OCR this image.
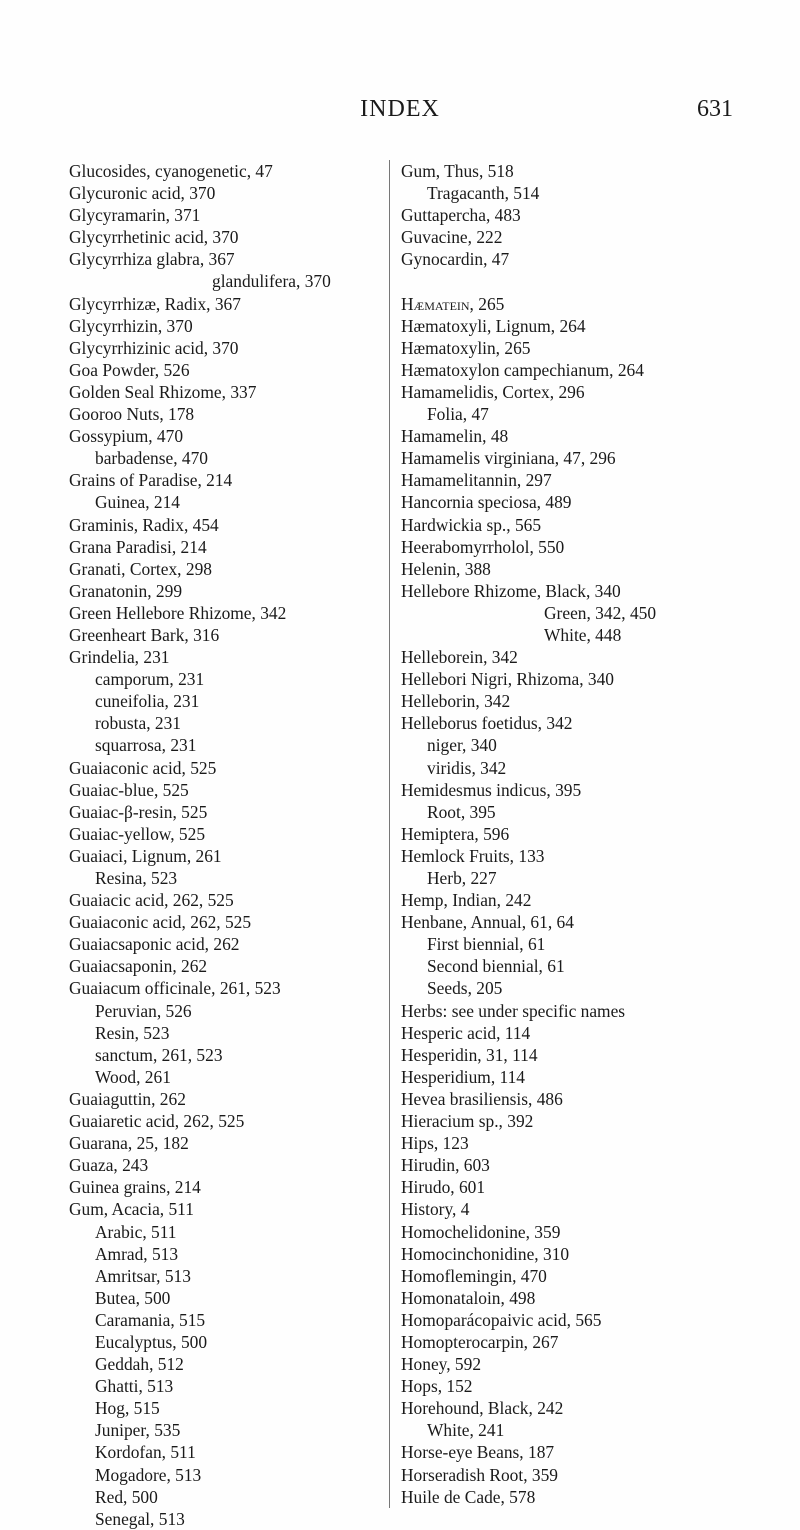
INDEX	631
Glucosides, cyanogenetic, 47
Glycuronic acid, 370
Glycyramarin, 371
Glycyrrhetinic acid, 370
Glycyrrhiza glabra, 367
glandulifera, 370
Glycyrrhizæ, Radix, 367
Glycyrrhizin, 370
Glycyrrhizinic acid, 370
Goa Powder, 526
Golden Seal Rhizome, 337
Gooroo Nuts, 178
Gossypium, 470
barbadense, 470
Grains of Paradise, 214
Guinea, 214
Graminis, Radix, 454
Grana Paradisi, 214
Granati, Cortex, 298
Granatonin, 299
Green Hellebore Rhizome, 342
Greenheart Bark, 316
Grindelia, 231
camporum, 231
cuneifolia, 231
robusta, 231
squarrosa, 231
Guaiaconic acid, 525
Guaiac-blue, 525
Guaiac-β-resin, 525
Guaiac-yellow, 525
Guaiaci, Lignum, 261
Resina, 523
Guaiacic acid, 262, 525
Guaiaconic acid, 262, 525
Guaiacsaponic acid, 262
Guaiacsaponin, 262
Guaiacum officinale, 261, 523
Peruvian, 526
Resin, 523
sanctum, 261, 523
Wood, 261
Guaiaguttin, 262
Guaiaretic acid, 262, 525
Guarana, 25, 182
Guaza, 243
Guinea grains, 214
Gum, Acacia, 511
Arabic, 511
Amrad, 513
Amritsar, 513
Butea, 500
Caramania, 515
Eucalyptus, 500
Geddah, 512
Ghatti, 513
Hog, 515
Juniper, 535
Kordofan, 511
Mogadore, 513
Red, 500
Senegal, 513
Gum, Thus, 518
Tragacanth, 514
Guttapercha, 483
Guvacine, 222
Gynocardin, 47
Hæmatein, 265
Hæmatoxyli, Lignum, 264
Hæmatoxylin, 265
Hæmatoxylon campechianum, 264
Hamamelidis, Cortex, 296
Folia, 47
Hamamelin, 48
Hamamelis virginiana, 47, 296
Hamamelitannin, 297
Hancornia speciosa, 489
Hardwickia sp., 565
Heerabomyrrholol, 550
Helenin, 388
Hellebore Rhizome, Black, 340
Green, 342, 450
White, 448
Helleborein, 342
Hellebori Nigri, Rhizoma, 340
Helleborin, 342
Helleborus foetidus, 342
niger, 340
viridis, 342
Hemidesmus indicus, 395
Root, 395
Hemiptera, 596
Hemlock Fruits, 133
Herb, 227
Hemp, Indian, 242
Henbane, Annual, 61, 64
First biennial, 61
Second biennial, 61
Seeds, 205
Herbs: see under specific names
Hesperic acid, 114
Hesperidin, 31, 114
Hesperidium, 114
Hevea brasiliensis, 486
Hieracium sp., 392
Hips, 123
Hirudin, 603
Hirudo, 601
History, 4
Homochelidonine, 359
Homocinchonidine, 310
Homoflemingin, 470
Homonataloin, 498
Homoparácopaivic acid, 565
Homopterocarpin, 267
Honey, 592
Hops, 152
Horehound, Black, 242
White, 241
Horse-eye Beans, 187
Horseradish Root, 359
Huile de Cade, 578
